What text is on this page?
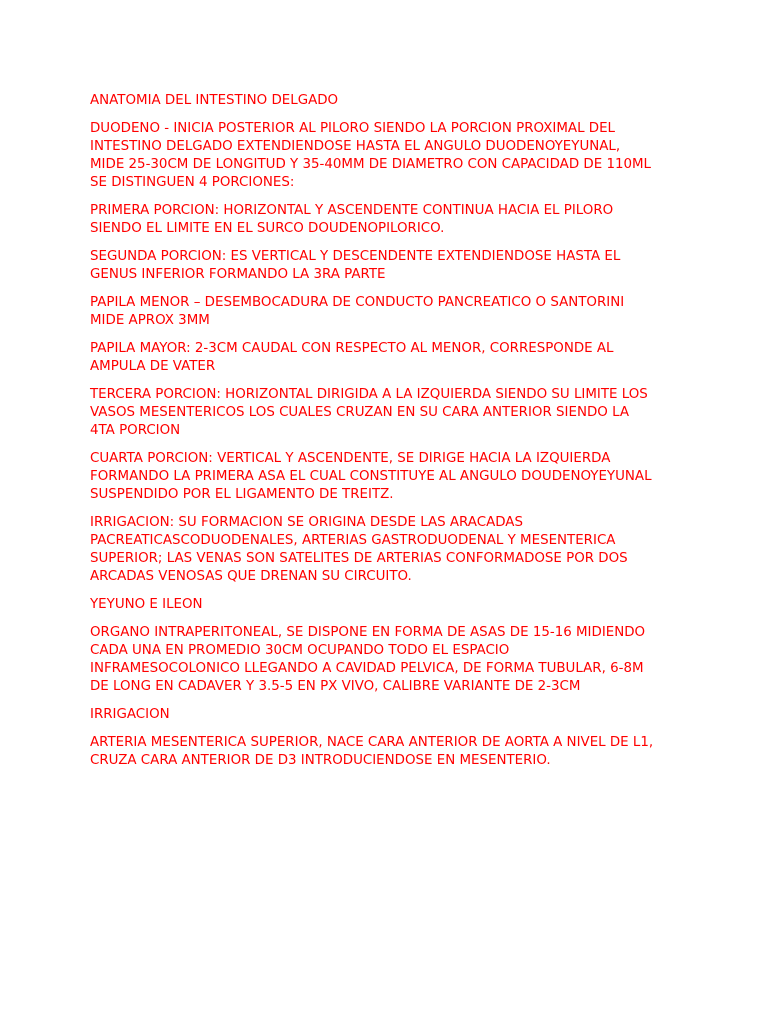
ANATOMIA DEL INTESTINO DELGADO

DUODENO - INICIA POSTERIOR AL PILORO SIENDO LA PORCION PROXIMAL DEL
INTESTINO DELGADO EXTENDIENDOSE HASTA EL ANGULO DUODENOYEYUNAL,
MIDE 25-30CM DE LONGITUD Y 35-40MM DE DIAMETRO CON CAPACIDAD DE 110ML
SE DISTINGUEN 4 PORCIONES:

PRIMERA PORCION: HORIZONTAL Y ASCENDENTE CONTINUA HACIA EL PILORO
SIENDO EL LIMITE EN EL SURCO DOUDENOPILORICO.

SEGUNDA PORCION: ES VERTICAL Y DESCENDENTE EXTENDIENDOSE HASTA EL
GENUS INFERIOR FORMANDO LA 3RA PARTE

PAPILA MENOR – DESEMBOCADURA DE CONDUCTO PANCREATICO O SANTORINI
MIDE APROX 3MM

PAPILA MAYOR: 2-3CM CAUDAL CON RESPECTO AL MENOR, CORRESPONDE AL
AMPULA DE VATER

TERCERA PORCION: HORIZONTAL DIRIGIDA A LA IZQUIERDA SIENDO SU LIMITE LOS
VASOS MESENTERICOS LOS CUALES CRUZAN EN SU CARA ANTERIOR SIENDO LA
4TA PORCION

CUARTA PORCION: VERTICAL Y ASCENDENTE, SE DIRIGE HACIA LA IZQUIERDA
FORMANDO LA PRIMERA ASA EL CUAL CONSTITUYE AL ANGULO DOUDENOYEYUNAL
SUSPENDIDO POR EL LIGAMENTO DE TREITZ.

IRRIGACION: SU FORMACION SE ORIGINA DESDE LAS ARACADAS
PACREATICASCODUODENALES, ARTERIAS GASTRODUODENAL Y MESENTERICA
SUPERIOR; LAS VENAS SON SATELITES DE ARTERIAS CONFORMADOSE POR DOS
ARCADAS VENOSAS QUE DRENAN SU CIRCUITO.

YEYUNO E ILEON

ORGANO INTRAPERITONEAL, SE DISPONE EN FORMA DE ASAS DE 15-16 MIDIENDO
CADA UNA EN PROMEDIO 30CM OCUPANDO TODO EL ESPACIO
INFRAMESOCOLONICO LLEGANDO A CAVIDAD PELVICA, DE FORMA TUBULAR, 6-8M
DE LONG EN CADAVER Y 3.5-5 EN PX VIVO, CALIBRE VARIANTE DE 2-3CM

IRRIGACION

ARTERIA MESENTERICA SUPERIOR, NACE CARA ANTERIOR DE AORTA A NIVEL DE L1,
CRUZA CARA ANTERIOR DE D3 INTRODUCIENDOSE EN MESENTERIO.
